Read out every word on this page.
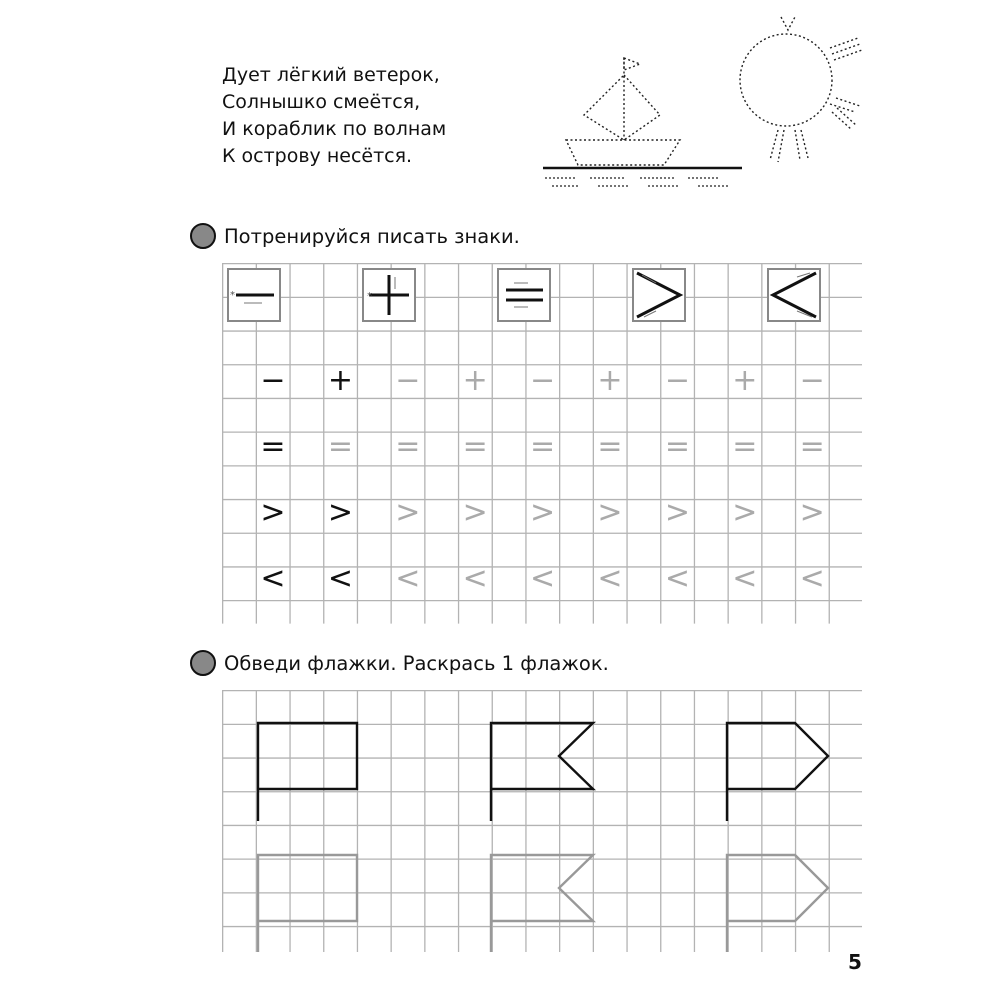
Дует лёгкий ветерок,
Солнышко смеётся,
И кораблик по волнам
К острову несётся.
Потренируйся писать знаки.
*	*
− + − + − + − + −
= = = = = = = = =
> > > > > > > > >
< < < < < < < < <
Обведи флажки. Раскрась 1 флажок.
5
